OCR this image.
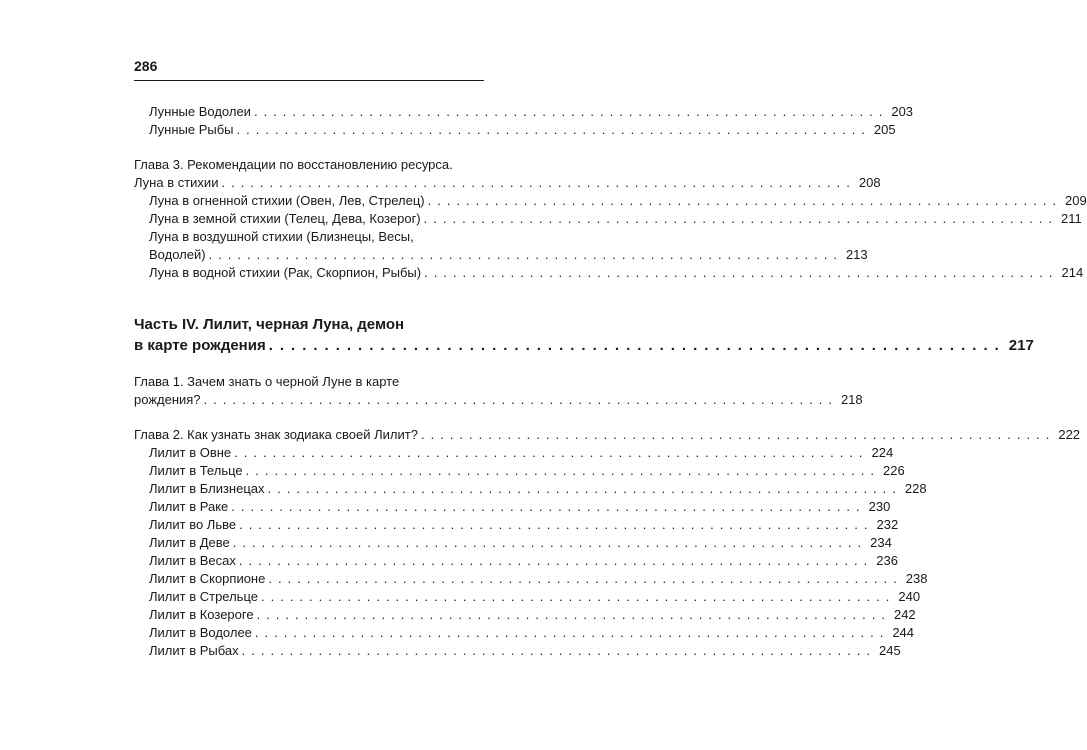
286
Лунные Водолеи .................................................................. 203
Лунные Рыбы .................................................................. 205
Глава 3. Рекомендации по восстановлению ресурса.
Луна в стихии .................................................................. 208
Луна в огненной стихии (Овен, Лев, Стрелец) .................................................................. 209
Луна в земной стихии (Телец, Дева, Козерог) .................................................................. 211
Луна в воздушной стихии (Близнецы, Весы,
Водолей) .................................................................. 213
Луна в водной стихии (Рак, Скорпион, Рыбы) .................................................................. 214
Часть IV. Лилит, черная Луна, демон
в карте рождения .................................................................. 217
Глава 1. Зачем знать о черной Луне в карте
рождения? .................................................................. 218
Глава 2. Как узнать знак зодиака своей Лилит? .................................................................. 222
Лилит в Овне .................................................................. 224
Лилит в Тельце .................................................................. 226
Лилит в Близнецах .................................................................. 228
Лилит в Раке .................................................................. 230
Лилит во Льве .................................................................. 232
Лилит в Деве .................................................................. 234
Лилит в Весах .................................................................. 236
Лилит в Скорпионе .................................................................. 238
Лилит в Стрельце .................................................................. 240
Лилит в Козероге .................................................................. 242
Лилит в Водолее .................................................................. 244
Лилит в Рыбах .................................................................. 245
